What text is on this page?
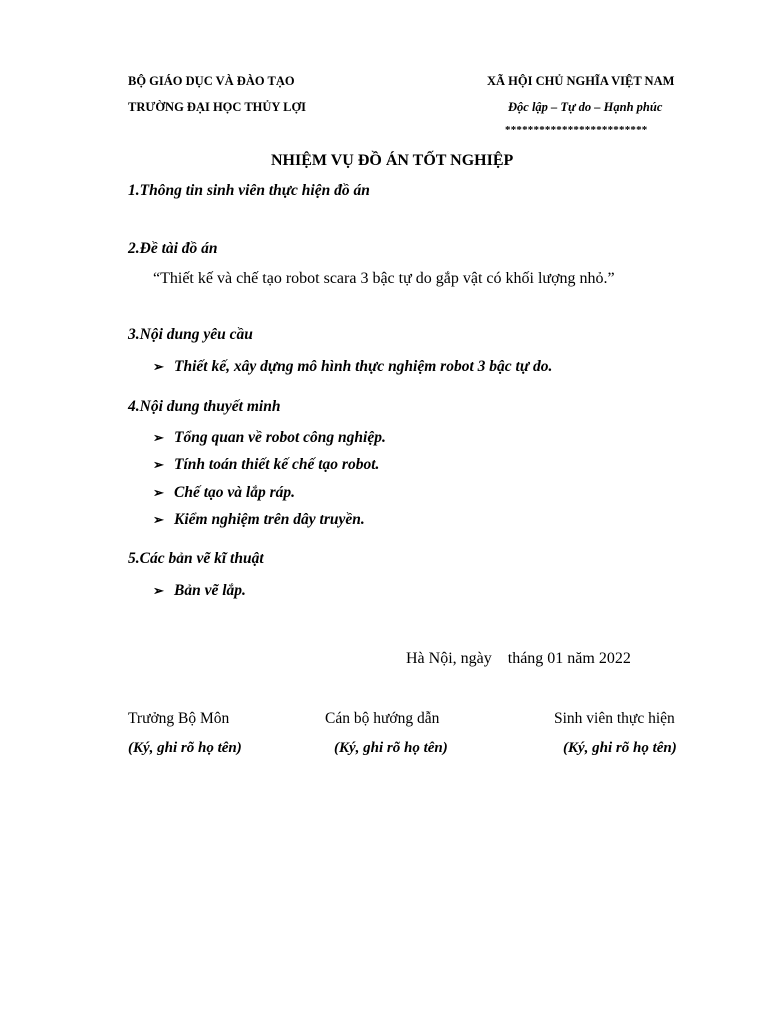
BỘ GIÁO DỤC VÀ ĐÀO TẠO
TRƯỜNG ĐẠI HỌC THỦY LỢI
XÃ HỘI CHỦ NGHĨA VIỆT NAM
Độc lập – Tự do – Hạnh phúc
*************************
NHIỆM VỤ ĐỒ ÁN TỐT NGHIỆP
1.Thông tin sinh viên thực hiện đồ án
2.Đề tài đồ án
“Thiết kế và chế tạo robot scara 3 bậc tự do gắp vật có khối lượng nhỏ.”
3.Nội dung yêu cầu
➢ Thiết kế, xây dựng mô hình thực nghiệm robot 3 bậc tự do.
4.Nội dung thuyết minh
➢ Tổng quan về robot công nghiệp.
➢ Tính toán thiết kế chế tạo robot.
➢ Chế tạo và lắp ráp.
➢ Kiểm nghiệm trên dây truyền.
5.Các bản vẽ kĩ thuật
➢ Bản vẽ lắp.
Hà Nội, ngày    tháng 01 năm 2022
Trưởng Bộ Môn	Cán bộ hướng dẫn	Sinh viên thực hiện
(Ký, ghi rõ họ tên)	(Ký, ghi rõ họ tên)	(Ký, ghi rõ họ tên)
